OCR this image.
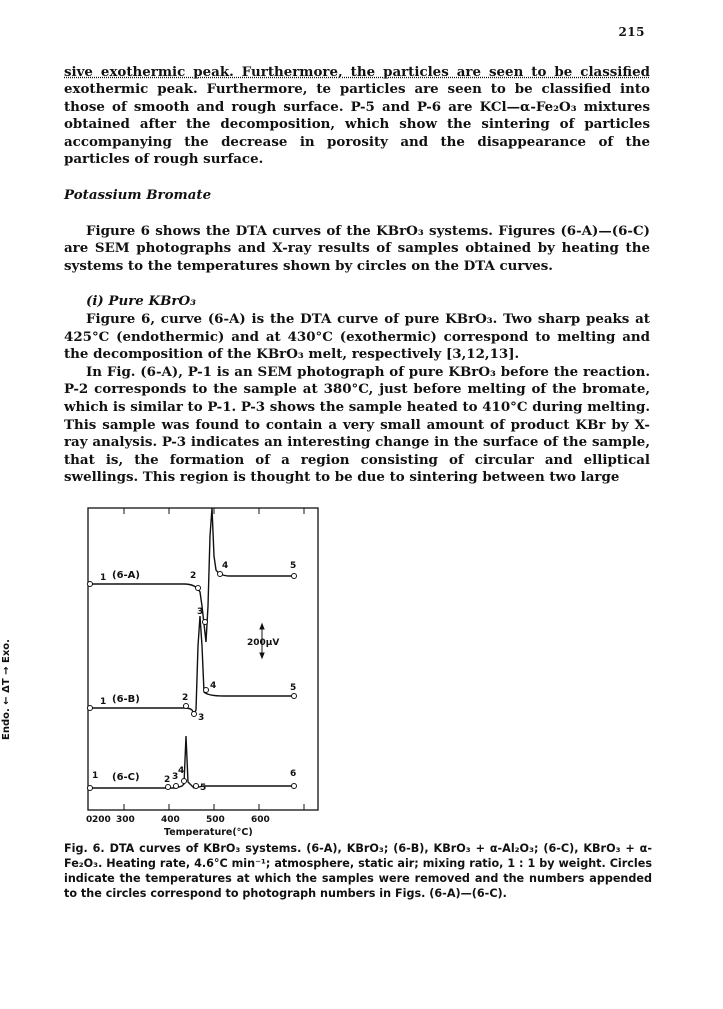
215

sive exothermic peak. Furthermore, the particles are seen to be classified

exothermic peak. Furthermore, te particles are seen to be classified into those of smooth and rough surface. P-5 and P-6 are KCl—α-Fe₂O₃ mixtures obtained after the decomposition, which show the sintering of particles accompanying the decrease in porosity and the disappearance of the particles of rough surface.

Potassium Bromate

Figure 6 shows the DTA curves of the KBrO₃ systems. Figures (6-A)—(6-C) are SEM photographs and X-ray results of samples obtained by heating the systems to the temperatures shown by circles on the DTA curves.

(i) Pure KBrO₃

Figure 6, curve (6-A) is the DTA curve of pure KBrO₃. Two sharp peaks at 425°C (endothermic) and at 430°C (exothermic) correspond to melting and the decomposition of the KBrO₃ melt, respectively [3,12,13].

In Fig. (6-A), P-1 is an SEM photograph of pure KBrO₃ before the reaction. P-2 corresponds to the sample at 380°C, just before melting of the bromate, which is similar to P-1. P-3 shows the sample heated to 410°C during melting. This sample was found to contain a very small amount of product KBr by X-ray analysis. P-3 indicates an interesting change in the surface of the sample, that is, the formation of a region consisting of circular and elliptical swellings. This region is thought to be due to sintering between two large

Endo. ← ΔT → Exo.	200μV
(6-A)
(6-B)
(6-C)
1	2
3
4	5
1	2
3
4	5
1	2 3
4
5
6
0 200 300	400	500	600
Temperature(°C)
Fig. 6. DTA curves of KBrO₃ systems. (6-A), KBrO₃; (6-B), KBrO₃ + α-Al₂O₃; (6-C), KBrO₃ + α-Fe₂O₃. Heating rate, 4.6°C min⁻¹; atmosphere, static air; mixing ratio, 1 : 1 by weight. Circles indicate the temperatures at which the samples were removed and the numbers appended to the circles correspond to photograph numbers in Figs. (6-A)—(6-C).
